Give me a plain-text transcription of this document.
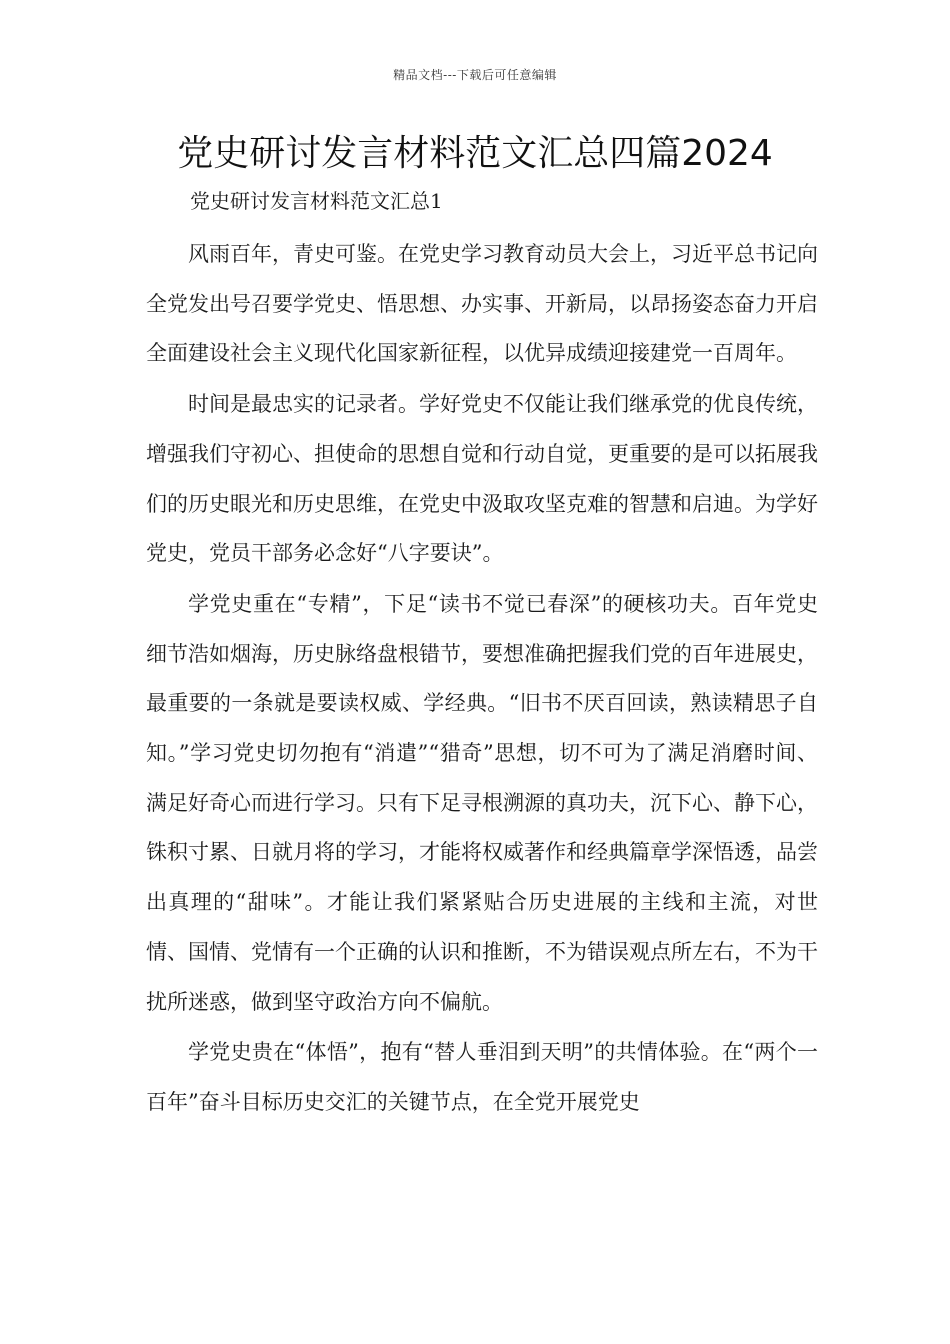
精品文档---下载后可任意编辑
党史研讨发言材料范文汇总四篇2024

党史研讨发言材料范文汇总1

风雨百年，青史可鉴。在党史学习教育动员大会上，习近平总书记向全党发出号召要学党史、悟思想、办实事、开新局，以昂扬姿态奋力开启全面建设社会主义现代化国家新征程，以优异成绩迎接建党一百周年。

时间是最忠实的记录者。学好党史不仅能让我们继承党的优良传统，增强我们守初心、担使命的思想自觉和行动自觉，更重要的是可以拓展我们的历史眼光和历史思维，在党史中汲取攻坚克难的智慧和启迪。为学好党史，党员干部务必念好“八字要诀”。

学党史重在“专精”，下足“读书不觉已春深”的硬核功夫。百年党史细节浩如烟海，历史脉络盘根错节，要想准确把握我们党的百年进展史，最重要的一条就是要读权威、学经典。“旧书不厌百回读，熟读精思子自知。”学习党史切勿抱有“消遣”“猎奇”思想，切不可为了满足消磨时间、满足好奇心而进行学习。只有下足寻根溯源的真功夫，沉下心、静下心，铢积寸累、日就月将的学习，才能将权威著作和经典篇章学深悟透，品尝出真理的“甜味”。才能让我们紧紧贴合历史进展的主线和主流，对世情、国情、党情有一个正确的认识和推断，不为错误观点所左右，不为干扰所迷惑，做到坚守政治方向不偏航。

学党史贵在“体悟”，抱有“替人垂泪到天明”的共情体验。在“两个一百年”奋斗目标历史交汇的关键节点，在全党开展党史
